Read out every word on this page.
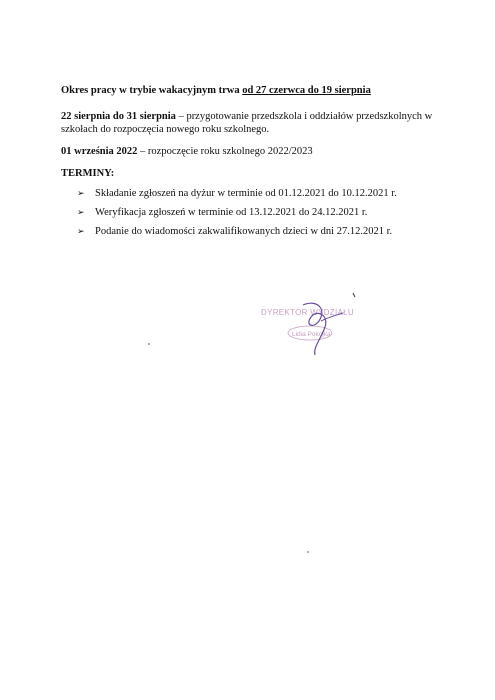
Okres pracy w trybie wakacyjnym trwa od 27 czerwca do 19 sierpnia
22 sierpnia do 31 sierpnia – przygotowanie przedszkola i oddziałów przedszkolnych w
szkołach do rozpoczęcia nowego roku szkolnego.
01 września 2022 – rozpoczęcie roku szkolnego 2022/2023
TERMINY:
➢ Składanie zgłoszeń na dyżur w terminie od 01.12.2021 do 10.12.2021 r.
➢ Weryfikacja zgłoszeń w terminie od 13.12.2021 do 24.12.2021 r.
➢ Podanie do wiadomości zakwalifikowanych dzieci w dni 27.12.2021 r.
DYREKTOR WYDZIAŁU
Lidia Pokojka
